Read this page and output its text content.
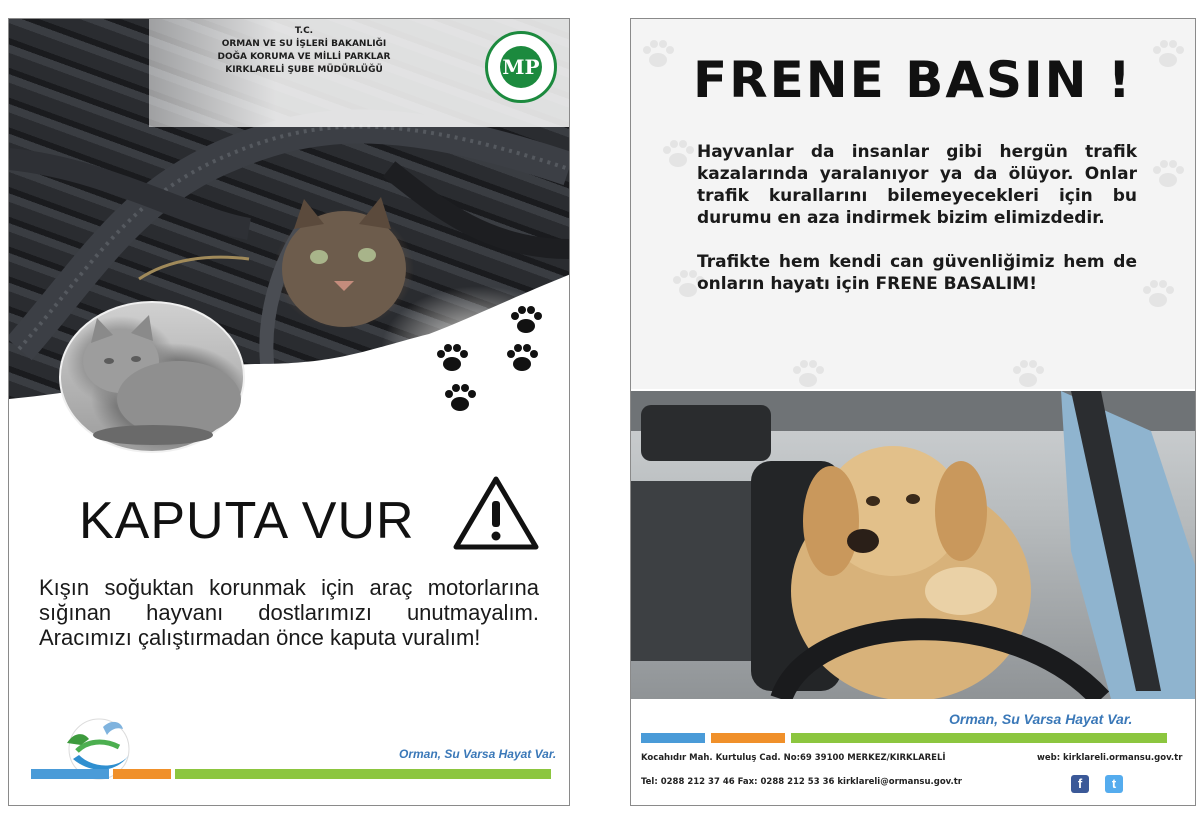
T.C.
ORMAN VE SU İŞLERİ BAKANLIĞI
DOĞA KORUMA VE MİLLİ PARKLAR
KIRKLARELİ ŞUBE MÜDÜRLÜĞÜ	MP
KAPUTA VUR
Kışın soğuktan korunmak için araç motorlarına sığınan hayvanı dostlarımızı unutmayalım. Aracımızı çalıştırmadan önce kaputa vuralım!
Orman, Su Varsa Hayat Var.
FRENE BASIN !

Hayvanlar da insanlar gibi hergün trafik kazalarında yaralanıyor ya da ölüyor. Onlar trafik kurallarını bilemeyecekleri için bu durumu en aza indirmek bizim elimizdedir.

Trafikte hem kendi can güvenliğimiz hem de onların hayatı için FRENE BASALIM!

Orman, Su Varsa Hayat Var.
Kocahıdır Mah. Kurtuluş Cad. No:69 39100 MERKEZ/KIRKLARELİ	web: kirklareli.ormansu.gov.tr
Tel: 0288 212 37 46 Fax: 0288 212 53 36 kirklareli@ormansu.gov.tr	f	t
